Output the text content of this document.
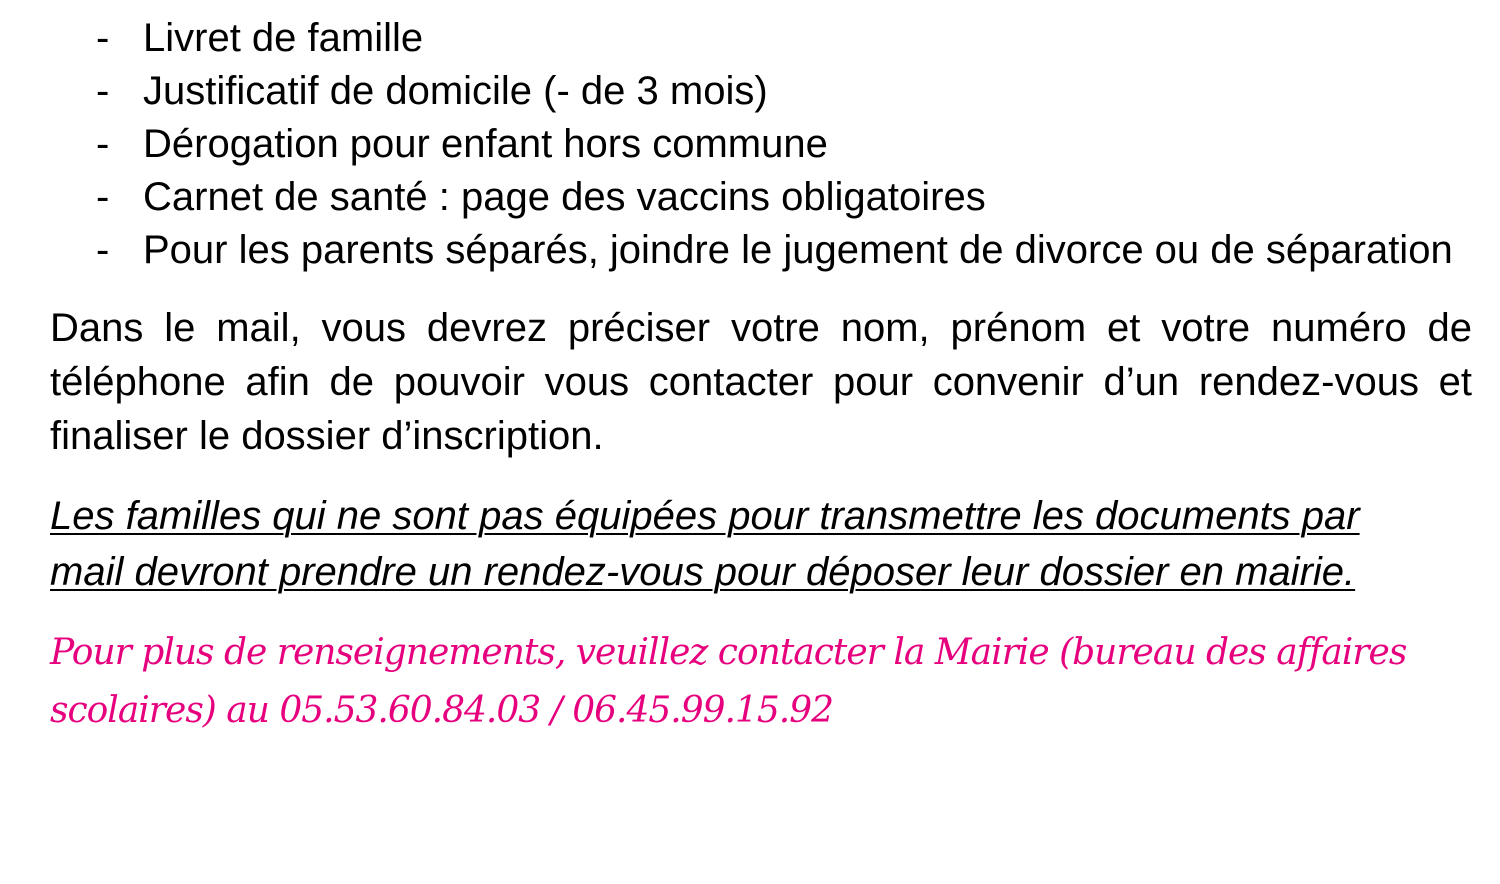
- Livret de famille
- Justificatif de domicile (- de 3 mois)
- Dérogation pour enfant hors commune
- Carnet de santé : page des vaccins obligatoires
- Pour les parents séparés, joindre le jugement de divorce ou de séparation

Dans le mail, vous devrez préciser votre nom, prénom et votre numéro de téléphone afin de pouvoir vous contacter pour convenir d’un rendez-vous et finaliser le dossier d’inscription.

Les familles qui ne sont pas équipées pour transmettre les documents par mail devront prendre un rendez-vous pour déposer leur dossier en mairie.

Pour plus de renseignements, veuillez contacter la Mairie (bureau des affaires scolaires) au 05.53.60.84.03 / 06.45.99.15.92
